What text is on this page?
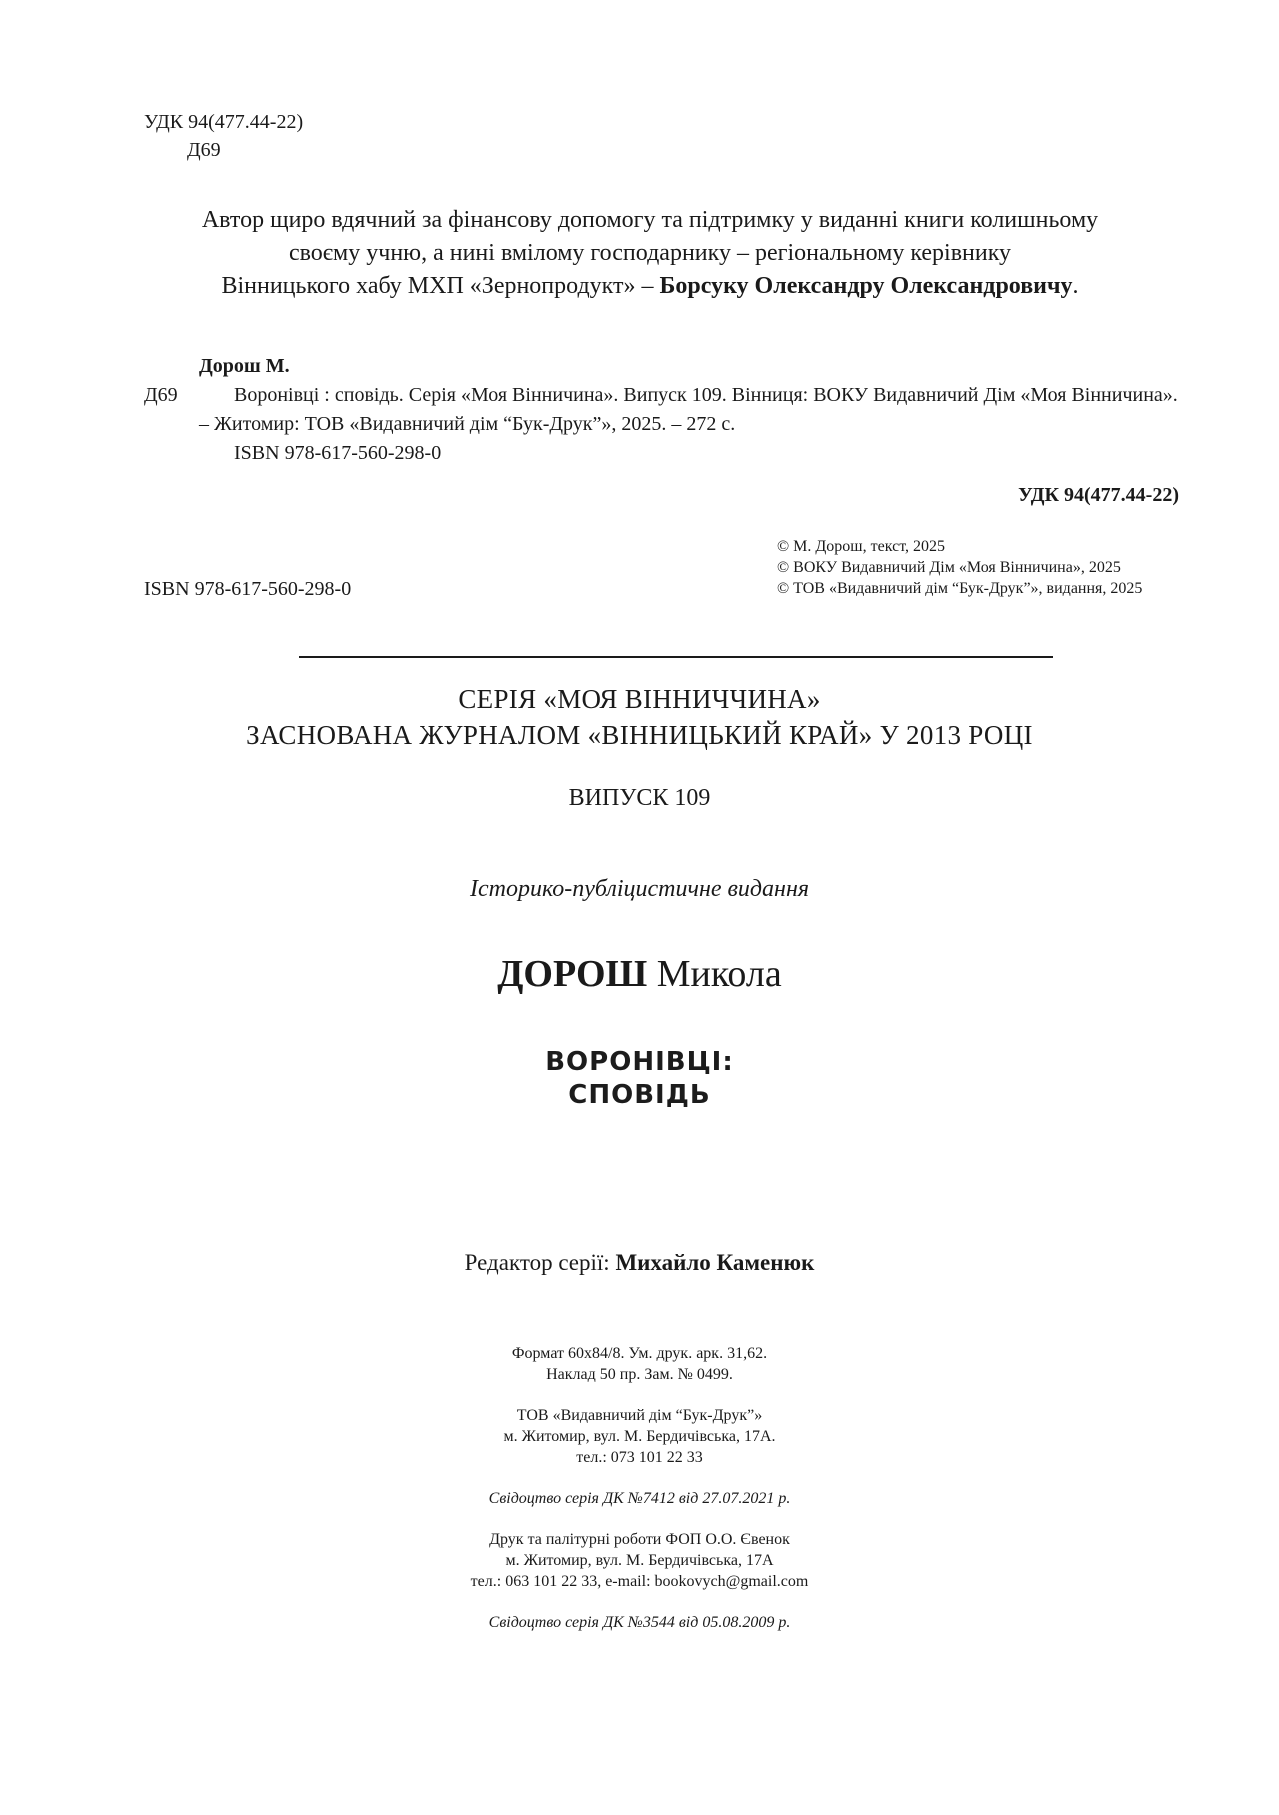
УДК 94(477.44-22)
Д69
Автор щиро вдячний за фінансову допомогу та підтримку у виданні книги колишньому
своєму учню, а нині вмілому господарнику – регіональному керівнику
Вінницького хабу МХП «Зернопродукт» – Борсуку Олександру Олександровичу.
Дорош М.
Д69	Воронівці : сповідь. Серія «Моя Вінничина». Випуск 109. Вінниця: ВОКУ Видавничий Дім «Моя Вінничина». – Житомир: ТОВ «Видавничий дім “Бук-Друк”», 2025. – 272 с.
ISBN 978-617-560-298-0
УДК 94(477.44-22)
© М. Дорош, текст, 2025
© ВОКУ Видавничий Дім «Моя Вінничина», 2025
© ТОВ «Видавничий дім “Бук-Друк”», видання, 2025
ISBN 978-617-560-298-0
СЕРІЯ «МОЯ ВІННИЧЧИНА»
ЗАСНОВАНА ЖУРНАЛОМ «ВІННИЦЬКИЙ КРАЙ» У 2013 РОЦІ
ВИПУСК 109
Історико-публіцистичне видання
ДОРОШ Микола
ВОРОНІВЦІ:
СПОВІДЬ
Редактор серії: Михайло Каменюк
Формат 60х84/8. Ум. друк. арк. 31,62.
Наклад 50 пр. Зам. № 0499.
ТОВ «Видавничий дім “Бук-Друк”»
м. Житомир, вул. М. Бердичівська, 17А.
тел.: 073 101 22 33
Свідоцтво серія ДК №7412 від 27.07.2021 р.
Друк та палітурні роботи ФОП О.О. Євенок
м. Житомир, вул. М. Бердичівська, 17А
тел.: 063 101 22 33, e-mail: bookovych@gmail.com
Свідоцтво серія ДК №3544 від 05.08.2009 р.
